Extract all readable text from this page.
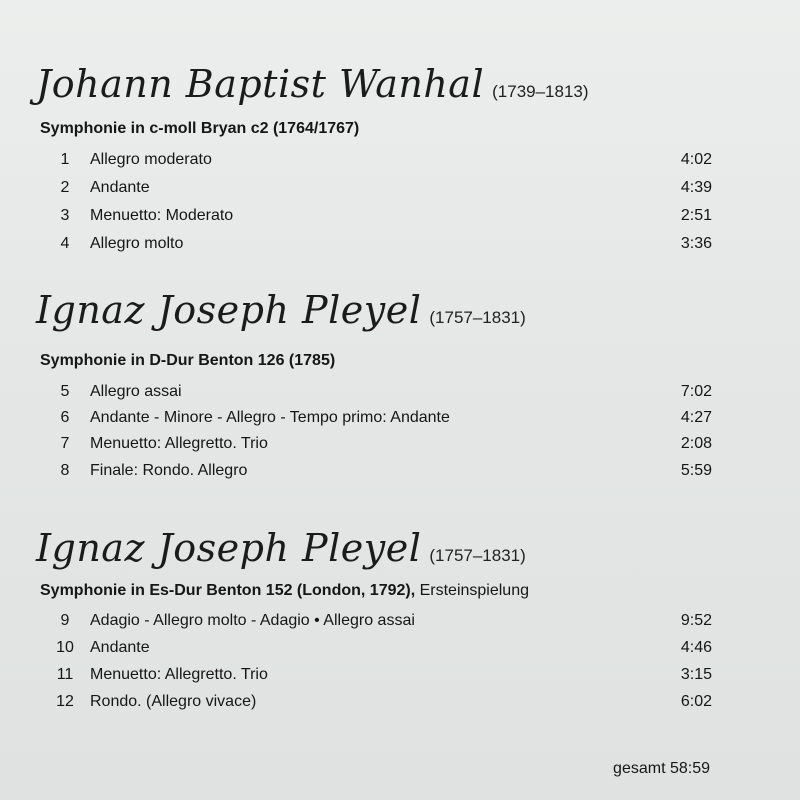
Johann Baptist Wanhal (1739–1813)
Symphonie in c-moll Bryan c2 (1764/1767)
1	Allegro moderato	4:02
2	Andante	4:39
3	Menuetto: Moderato	2:51
4	Allegro molto	3:36
Ignaz Joseph Pleyel (1757–1831)
Symphonie in D-Dur Benton 126 (1785)
5	Allegro assai	7:02
6	Andante - Minore - Allegro - Tempo primo: Andante	4:27
7	Menuetto: Allegretto. Trio	2:08
8	Finale: Rondo. Allegro	5:59
Ignaz Joseph Pleyel (1757–1831)
Symphonie in Es-Dur Benton 152 (London, 1792), Ersteinspielung
9	Adagio - Allegro molto - Adagio • Allegro assai	9:52
10	Andante	4:46
11	Menuetto: Allegretto. Trio	3:15
12	Rondo. (Allegro vivace)	6:02
gesamt 58:59
